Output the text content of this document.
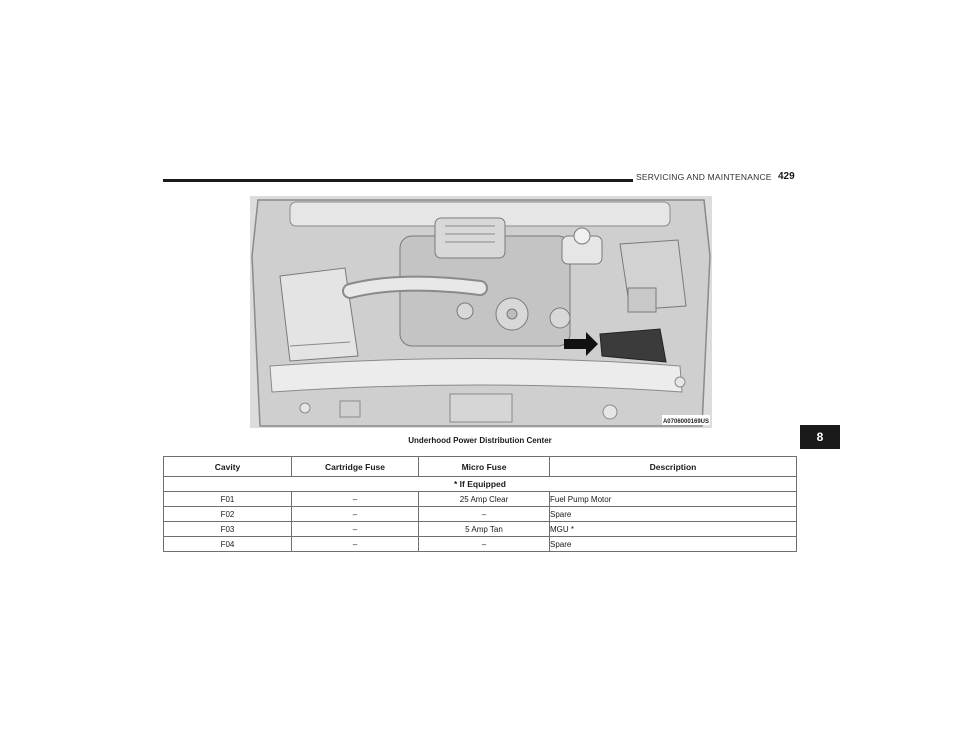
SERVICING AND MAINTENANCE 429
A0706000169US
Underhood Power Distribution Center	8
Cavity	Cartridge Fuse	Micro Fuse	Description
* If Equipped			
F01	–	25 Amp Clear	Fuel Pump Motor
F02	–	–	Spare
F03	–	5 Amp Tan	MGU *
F04	–	–	Spare
